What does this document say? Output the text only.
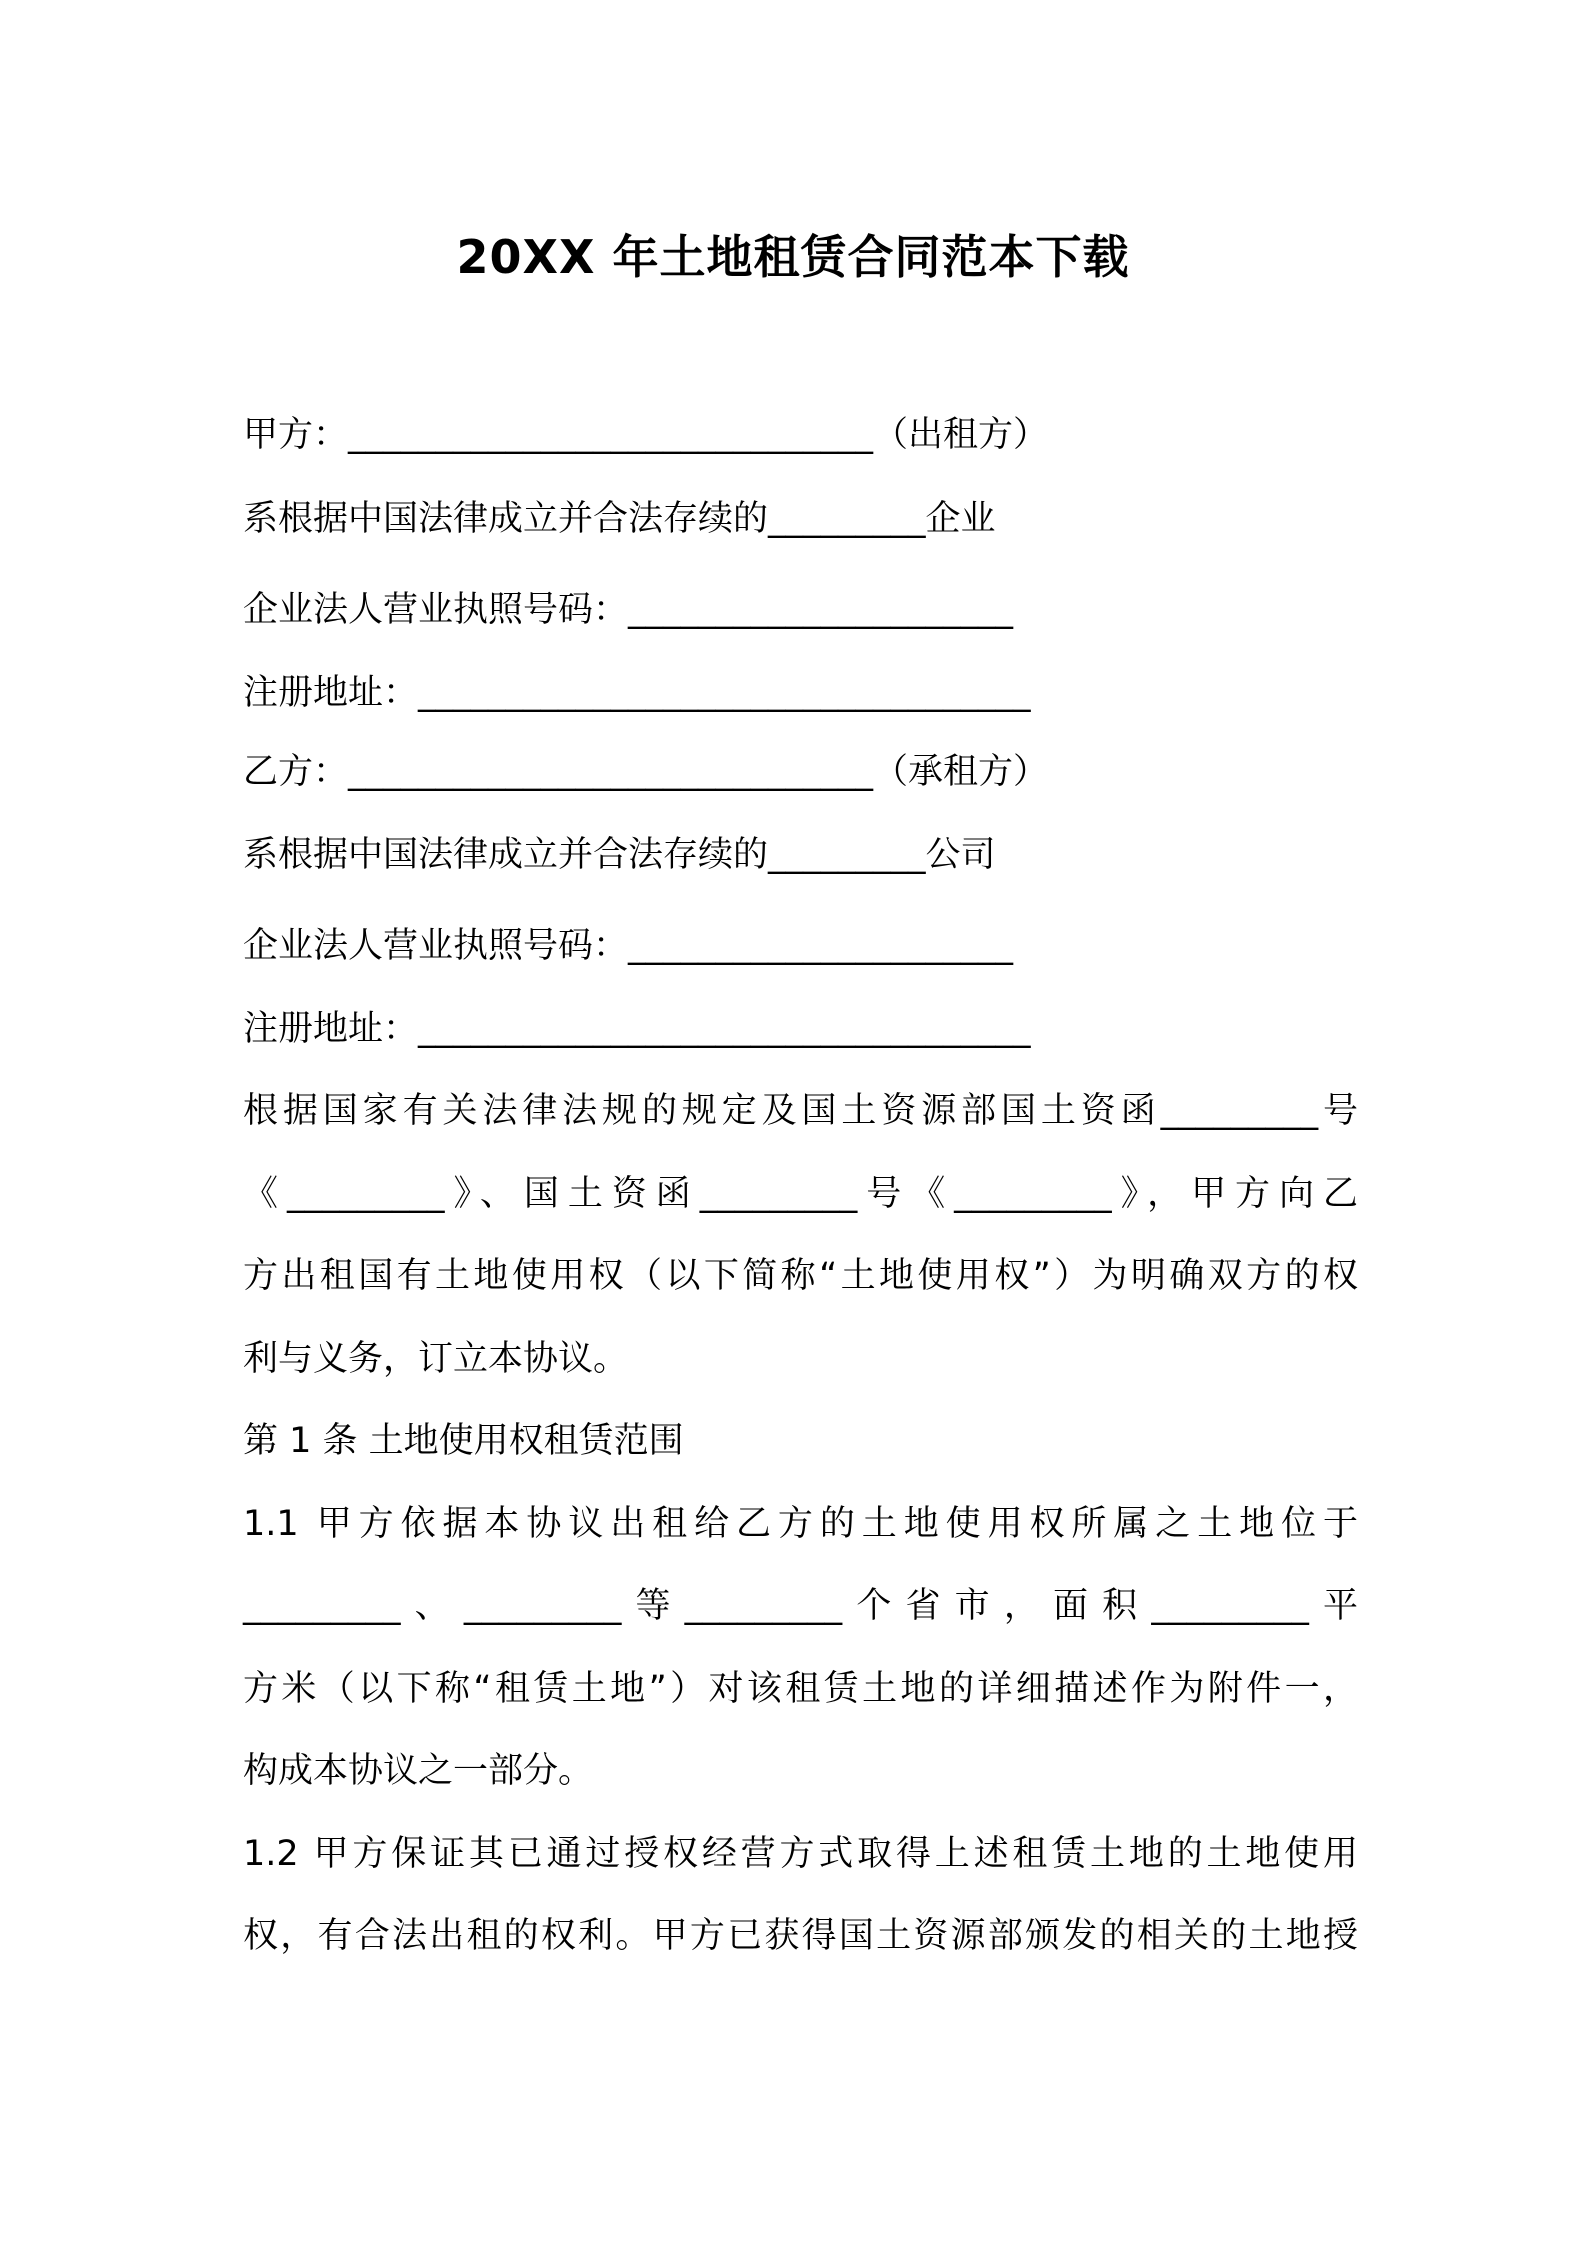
20XX 年土地租赁合同范本下载
甲方：______________________________（出租方）
系根据中国法律成立并合法存续的_________企业
企业法人营业执照号码：______________________
注册地址：___________________________________
乙方：______________________________（承租方）
系根据中国法律成立并合法存续的_________公司
企业法人营业执照号码：______________________
注册地址：___________________________________
根据国家有关法律法规的规定及国土资源部国土资函_________号
《_________》、国土资函_________号《_________》，甲方向乙
方出租国有土地使用权（以下简称“土地使用权”）为明确双方的权
利与义务，订立本协议。
第 1 条 土地使用权租赁范围
1.1 甲方依据本协议出租给乙方的土地使用权所属之土地位于
_________、_________等_________个省市，面积_________平
方米（以下称“租赁土地”）对该租赁土地的详细描述作为附件一，
构成本协议之一部分。
1.2 甲方保证其已通过授权经营方式取得上述租赁土地的土地使用
权，有合法出租的权利。甲方已获得国土资源部颁发的相关的土地授
